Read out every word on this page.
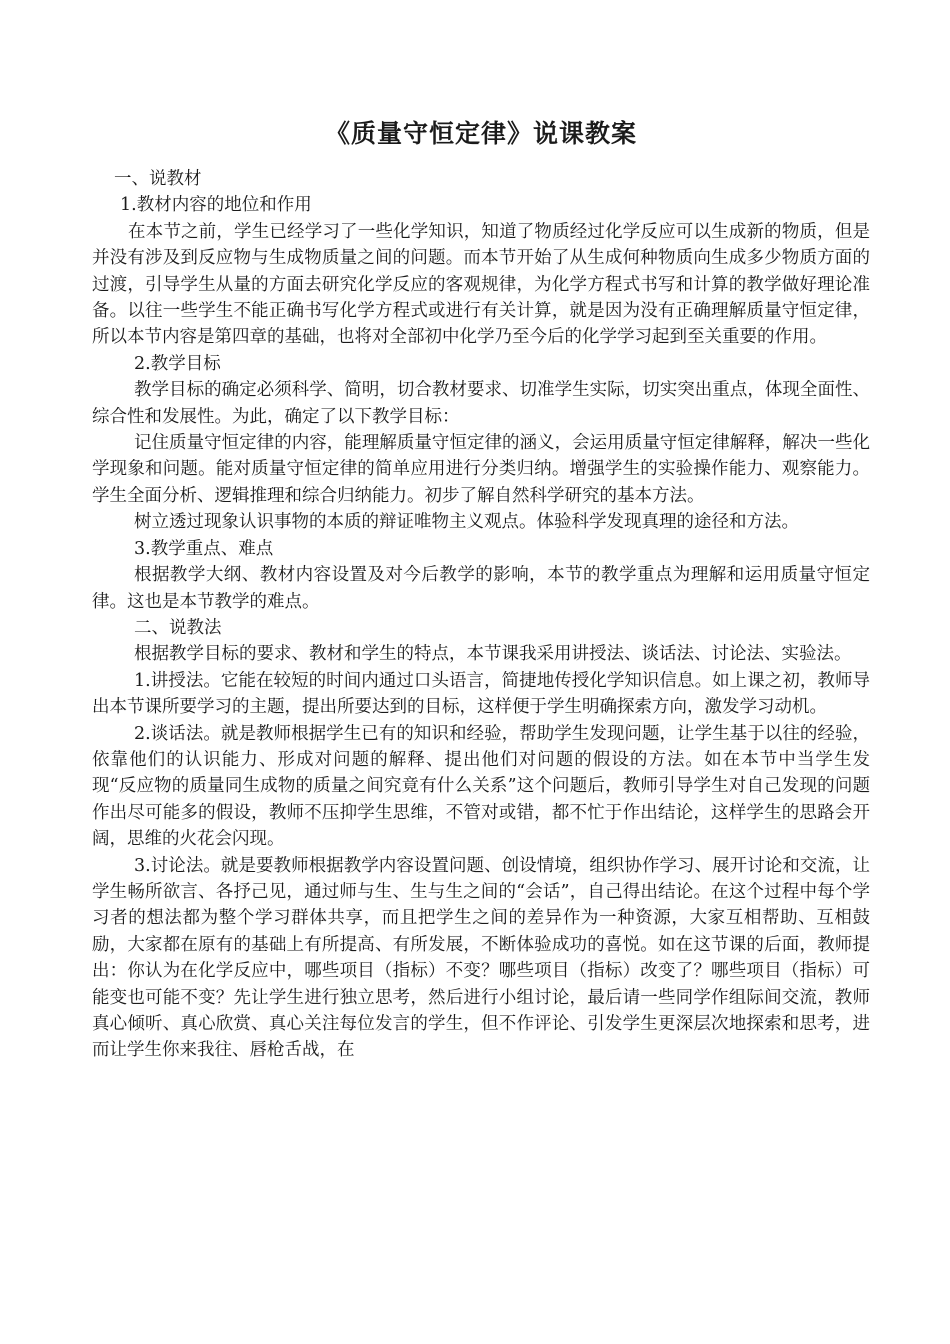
《质量守恒定律》说课教案

一、说教材

1.教材内容的地位和作用

在本节之前，学生已经学习了一些化学知识，知道了物质经过化学反应可以生成新的物质，但是并没有涉及到反应物与生成物质量之间的问题。而本节开始了从生成何种物质向生成多少物质方面的过渡，引导学生从量的方面去研究化学反应的客观规律，为化学方程式书写和计算的教学做好理论准备。以往一些学生不能正确书写化学方程式或进行有关计算，就是因为没有正确理解质量守恒定律，所以本节内容是第四章的基础，也将对全部初中化学乃至今后的化学学习起到至关重要的作用。

2.教学目标

教学目标的确定必须科学、简明，切合教材要求、切准学生实际，切实突出重点，体现全面性、综合性和发展性。为此，确定了以下教学目标：

记住质量守恒定律的内容，能理解质量守恒定律的涵义，会运用质量守恒定律解释，解决一些化学现象和问题。能对质量守恒定律的简单应用进行分类归纳。增强学生的实验操作能力、观察能力。学生全面分析、逻辑推理和综合归纳能力。初步了解自然科学研究的基本方法。

树立透过现象认识事物的本质的辩证唯物主义观点。体验科学发现真理的途径和方法。

3.教学重点、难点

根据教学大纲、教材内容设置及对今后教学的影响，本节的教学重点为理解和运用质量守恒定律。这也是本节教学的难点。

二、说教法

根据教学目标的要求、教材和学生的特点，本节课我采用讲授法、谈话法、讨论法、实验法。

1.讲授法。它能在较短的时间内通过口头语言，简捷地传授化学知识信息。如上课之初，教师导出本节课所要学习的主题，提出所要达到的目标，这样便于学生明确探索方向，激发学习动机。

2.谈话法。就是教师根据学生已有的知识和经验，帮助学生发现问题，让学生基于以往的经验，依靠他们的认识能力、形成对问题的解释、提出他们对问题的假设的方法。如在本节中当学生发现“反应物的质量同生成物的质量之间究竟有什么关系”这个问题后，教师引导学生对自己发现的问题作出尽可能多的假设，教师不压抑学生思维，不管对或错，都不忙于作出结论，这样学生的思路会开阔，思维的火花会闪现。

3.讨论法。就是要教师根据教学内容设置问题、创设情境，组织协作学习、展开讨论和交流，让学生畅所欲言、各抒己见，通过师与生、生与生之间的“会话”，自己得出结论。在这个过程中每个学习者的想法都为整个学习群体共享，而且把学生之间的差异作为一种资源，大家互相帮助、互相鼓励，大家都在原有的基础上有所提高、有所发展，不断体验成功的喜悦。如在这节课的后面，教师提出：你认为在化学反应中，哪些项目（指标）不变？哪些项目（指标）改变了？哪些项目（指标）可能变也可能不变？先让学生进行独立思考，然后进行小组讨论，最后请一些同学作组际间交流，教师真心倾听、真心欣赏、真心关注每位发言的学生，但不作评论、引发学生更深层次地探索和思考，进而让学生你来我往、唇枪舌战，在
